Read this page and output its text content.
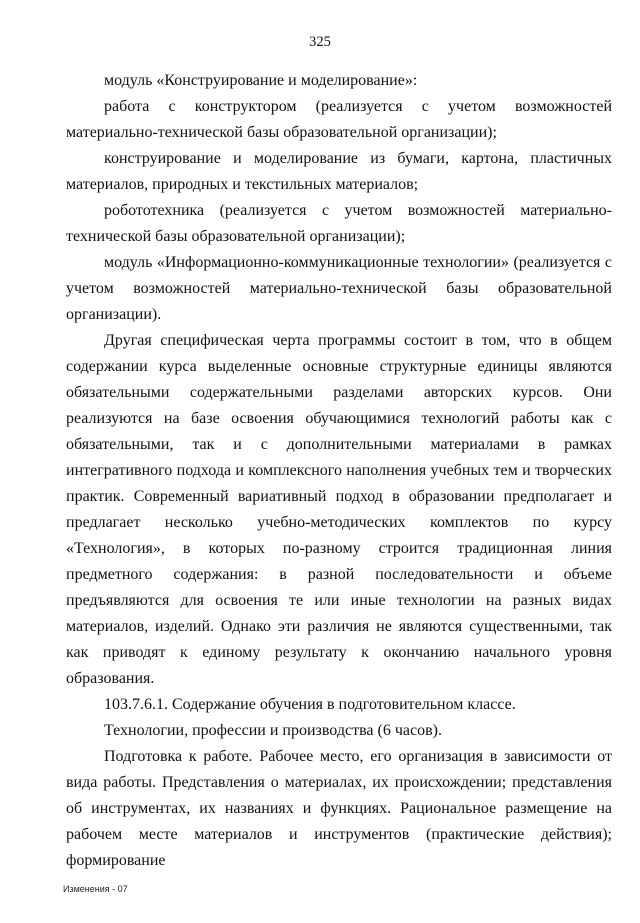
325

модуль «Конструирование и моделирование»:

работа с конструктором (реализуется с учетом возможностей материально-технической базы образовательной организации);

конструирование и моделирование из бумаги, картона, пластичных материалов, природных и текстильных материалов;

робототехника (реализуется с учетом возможностей материально-технической базы образовательной организации);

модуль «Информационно-коммуникационные технологии» (реализуется с учетом возможностей материально-технической базы образовательной организации).

Другая специфическая черта программы состоит в том, что в общем содержании курса выделенные основные структурные единицы являются обязательными содержательными разделами авторских курсов. Они реализуются на базе освоения обучающимися технологий работы как с обязательными, так и с дополнительными материалами в рамках интегративного подхода и комплексного наполнения учебных тем и творческих практик. Современный вариативный подход в образовании предполагает и предлагает несколько учебно-методических комплектов по курсу «Технология», в которых по-разному строится традиционная линия предметного содержания: в разной последовательности и объеме предъявляются для освоения те или иные технологии на разных видах материалов, изделий. Однако эти различия не являются существенными, так как приводят к единому результату к окончанию начального уровня образования.

103.7.6.1. Содержание обучения в подготовительном классе.

Технологии, профессии и производства (6 часов).

Подготовка к работе. Рабочее место, его организация в зависимости от вида работы. Представления о материалах, их происхождении; представления об инструментах, их названиях и функциях. Рациональное размещение на рабочем месте материалов и инструментов (практические действия); формирование

Изменения - 07
